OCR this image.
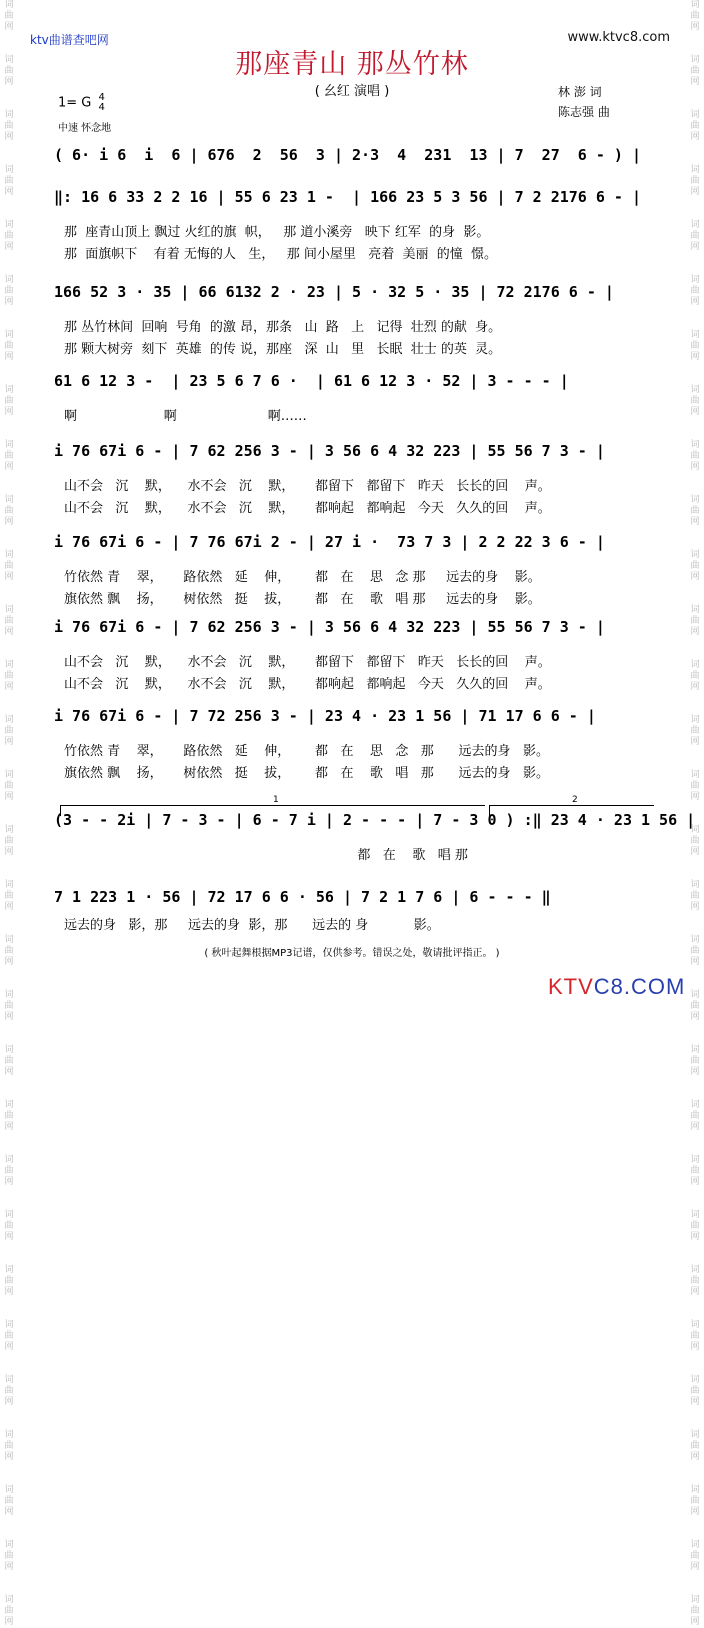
词
曲
网

词
曲
网

词
曲
网

词
曲
网

词
曲
网

词
曲
网

词
曲
网

词
曲
网

词
曲
网

词
曲
网

词
曲
网

词
曲
网

词
曲
网

词
曲
网

词
曲
网

词
曲
网

词
曲
网

词
曲
网

词
曲
网

词
曲
网

词
曲
网

词
曲
网

词
曲
网

词
曲
网

词
曲
网

词
曲
网

词
曲
网

词
曲
网

词
曲
网

词
曲
网

词
曲
网

词
曲
网

词
曲
网

词
曲
网

词
曲
网

词
曲
网

词
曲
网

词
曲
网

词
曲
网

词
曲
网

词
曲
网

词
曲
网

词
曲
网

词
曲
网

词
曲
网

词
曲
网

词
曲
网

词
曲
网

词
曲
网

词
曲
网

词
曲
网

词
曲
网

词
曲
网

词
曲
网

词
曲
网

词
曲
网

词
曲
网

词
曲
网

词
曲
网

词
曲
网

ktv曲谱查吧网	www.ktvc8.com
那座青山 那丛竹林
( 幺红 演唱 )	林 澎 词
陈志强 曲
1= G 4
4
中速 怀念地
( 6· i 6  i  6 | 676  2  56  3 | 2·3  4  231  13 | 7  27  6 - ) |
‖: 16 6 33 2 2 16 | 55 6 23 1 -  | 166 23 5 3 56 | 7 2 2176 6 - |
那  座青山顶上 飘过 火红的旗  帜，   那 道小溪旁   映下 红军  的身  影。
那  面旗帜下    有着 无悔的人   生，   那 间小屋里   亮着  美丽  的憧  憬。
166 52 3 · 35 | 66 6132 2 · 23 | 5 · 32 5 · 35 | 72 2176 6 - |
那 丛竹林间  回响  号角  的激 昂，那条   山  路   上   记得  壮烈 的献  身。
那 颗大树旁  刻下  英雄  的传 说，那座   深  山   里   长眠  壮士 的英  灵。
61 6 12 3 -  | 23 5 6 7 6 ·  | 61 6 12 3 · 52 | 3 - - - |
啊                     啊                      啊……
i 76 67i 6 - | 7 62 256 3 - | 3 56 6 4 32 223 | 55 56 7 3 - |
山不会   沉    默，    水不会   沉    默，     都留下   都留下   昨天   长长的回    声。
山不会   沉    默，    水不会   沉    默，     都响起   都响起   今天   久久的回    声。
i 76 67i 6 - | 7 76 67i 2 - | 27 i ·  73 7 3 | 2 2 22 3 6 - |
竹依然 青    翠，     路依然   延    伸，      都   在    思   念 那     远去的身    影。
旗依然 飘    扬，     树依然   挺    拔，      都   在    歌   唱 那     远去的身    影。
i 76 67i 6 - | 7 62 256 3 - | 3 56 6 4 32 223 | 55 56 7 3 - |
山不会   沉    默，    水不会   沉    默，     都留下   都留下   昨天   长长的回    声。
山不会   沉    默，    水不会   沉    默，     都响起   都响起   今天   久久的回    声。
i 76 67i 6 - | 7 72 256 3 - | 23 4 · 23 1 56 | 71 17 6 6 - |
竹依然 青    翠，     路依然   延    伸，      都   在    思   念   那      远去的身   影。
旗依然 飘    扬，     树依然   挺    拔，      都   在    歌   唱   那      远去的身   影。
(3 - - 2i | 7 - 3 - | 6 - 7 i | 2 - - - | 7 - 3 0 ) :‖ 23 4 · 23 1 56 |
都   在    歌   唱 那
7 1 223 1 · 56 | 72 17 6 6 · 56 | 7 2 1 7 6 | 6 - - - ‖
远去的身   影，那     远去的身  影，那      远去的 身           影。
1	2
( 秋叶起舞根据MP3记谱，仅供参考。错误之处，敬请批评指正。 )
KTVC8.COM
